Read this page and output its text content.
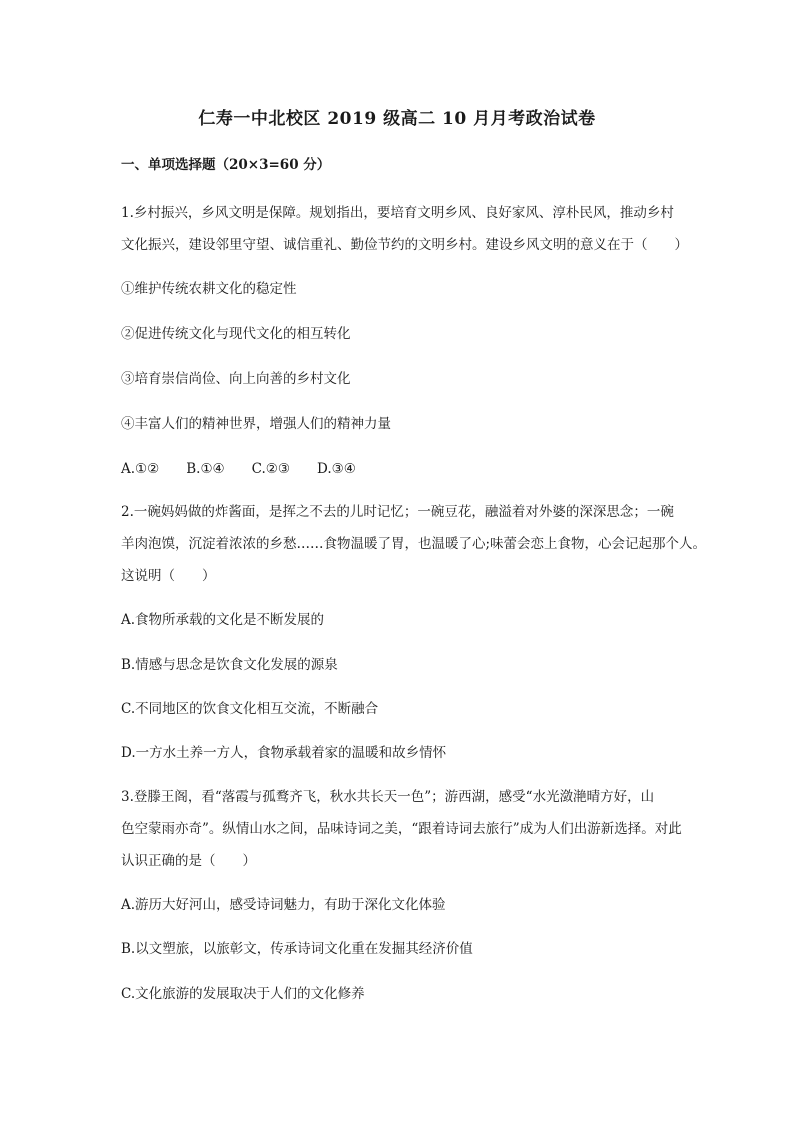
仁寿一中北校区 2019 级高二 10 月月考政治试卷
一、单项选择题（20×3=60 分）
1.乡村振兴，乡风文明是保障。规划指出，要培育文明乡风、良好家风、淳朴民风，推动乡村
文化振兴，建设邻里守望、诚信重礼、勤俭节约的文明乡村。建设乡风文明的意义在于（　　）
①维护传统农耕文化的稳定性
②促进传统文化与现代文化的相互转化
③培育崇信尚俭、向上向善的乡村文化
④丰富人们的精神世界，增强人们的精神力量
A.①②　　B.①④　　C.②③　　D.③④
2.一碗妈妈做的炸酱面，是挥之不去的儿时记忆；一碗豆花，融溢着对外婆的深深思念；一碗
羊肉泡馍，沉淀着浓浓的乡愁……食物温暖了胃，也温暖了心;味蕾会恋上食物，心会记起那个人。
这说明（　　）
A.食物所承载的文化是不断发展的
B.情感与思念是饮食文化发展的源泉
C.不同地区的饮食文化相互交流，不断融合
D.一方水土养一方人，食物承载着家的温暖和故乡情怀
3.登滕王阁，看“落霞与孤鹜齐飞，秋水共长天一色”；游西湖，感受“水光潋滟晴方好，山
色空蒙雨亦奇”。纵情山水之间，品味诗词之美，“跟着诗词去旅行”成为人们出游新选择。对此
认识正确的是（　　）
A.游历大好河山，感受诗词魅力，有助于深化文化体验
B.以文塑旅，以旅彰文，传承诗词文化重在发掘其经济价值
C.文化旅游的发展取决于人们的文化修养
